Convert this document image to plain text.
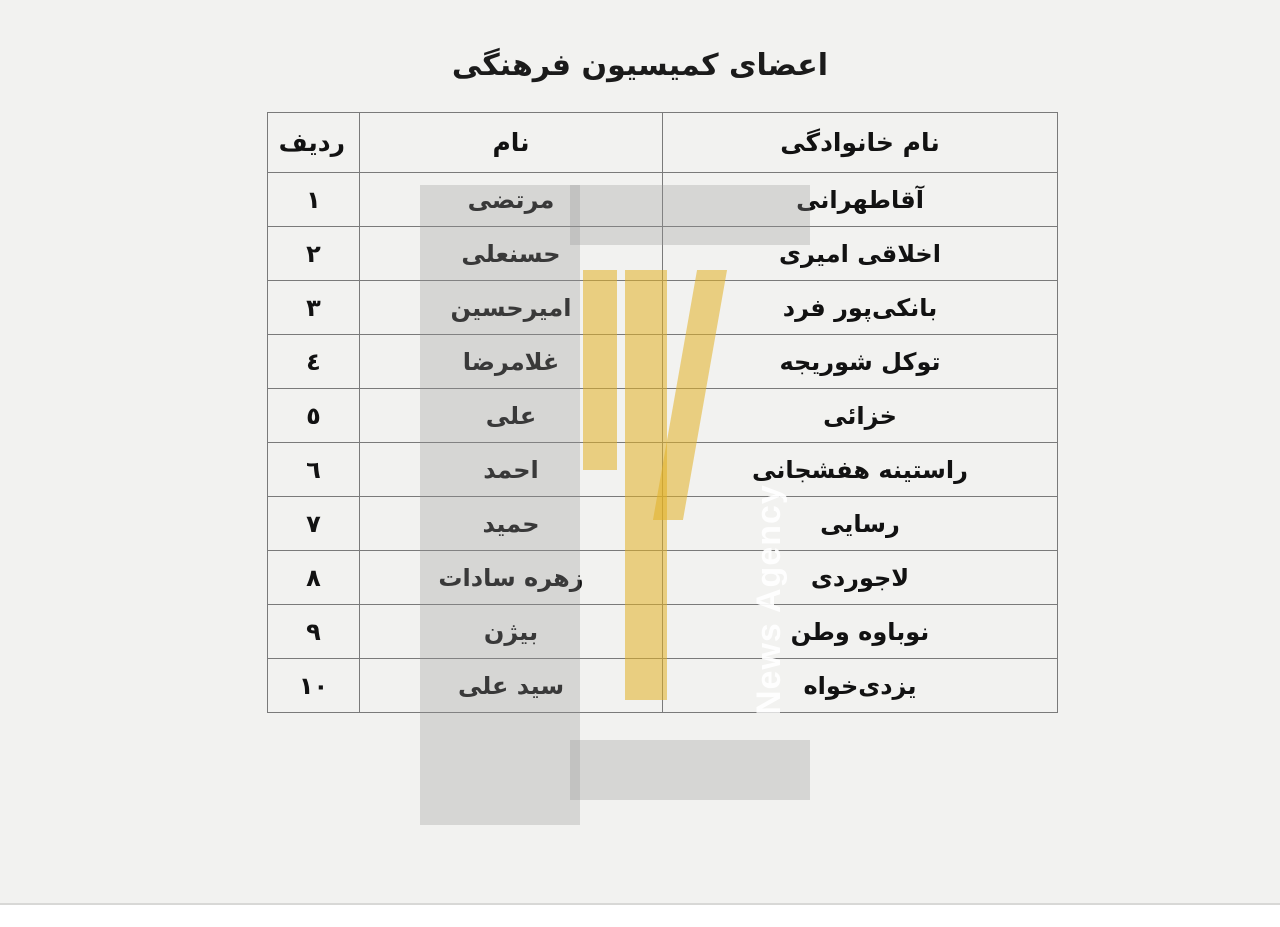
اعضای کمیسیون فرهنگی
News Agency
نام خانوادگی	نام	ردیف
آقاطهرانی	مرتضی	١
اخلاقی امیری	حسنعلی	٢
بانکی‌پور فرد	امیرحسین	٣
توکل شوریجه	غلامرضا	٤
خزائی	علی	٥
راستینه هفشجانی	احمد	٦
رسایی	حمید	٧
لاجوردی	زهره سادات	٨
نوباوه وطن	بیژن	٩
یزدی‌خواه	سید علی	١٠
